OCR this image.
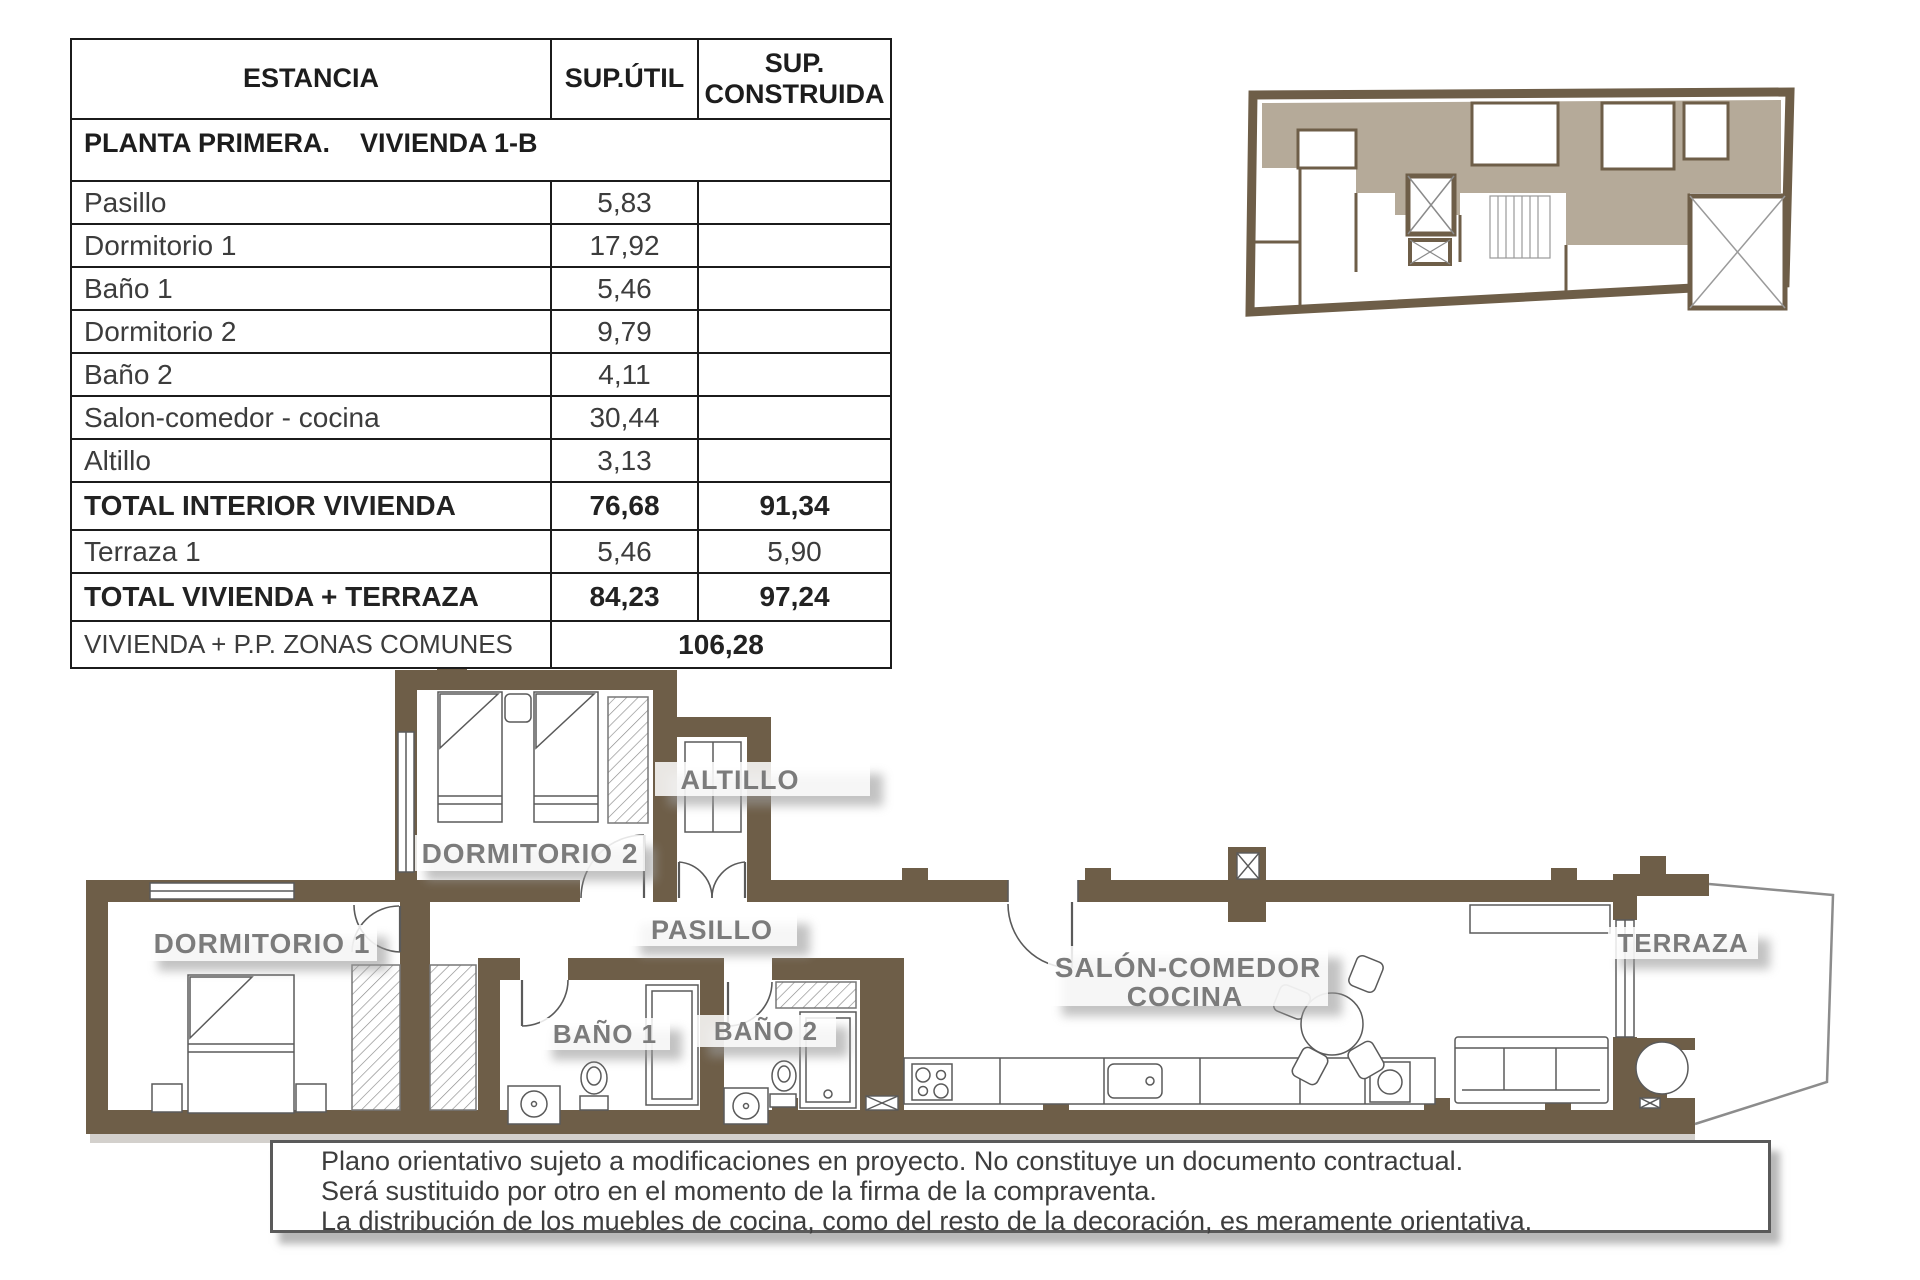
DORMITORIO 1
DORMITORIO 2
ALTILLO
PASILLO
BAÑO 1 BAÑO 2
SALÓN-COMEDOR
COCINA
TERRAZA
ESTANCIA	SUP.ÚTIL	SUP. CONSTRUIDA
PLANTA PRIMERA.    VIVIENDA 1-B		
Pasillo	5,83	
Dormitorio 1	17,92	
Baño 1	5,46	
Dormitorio 2	9,79	
Baño 2	4,11	
Salon-comedor - cocina	30,44	
Altillo	3,13	
TOTAL INTERIOR VIVIENDA	76,68	91,34
Terraza 1	5,46	5,90
TOTAL VIVIENDA + TERRAZA	84,23	97,24
VIVIENDA + P.P. ZONAS COMUNES	106,28	
Plano orientativo sujeto a modificaciones en proyecto. No constituye un documento contractual.
Será sustituido por otro en el momento de la firma de la compraventa.
La distribución de los muebles de cocina, como del resto de la decoración, es meramente orientativa.
